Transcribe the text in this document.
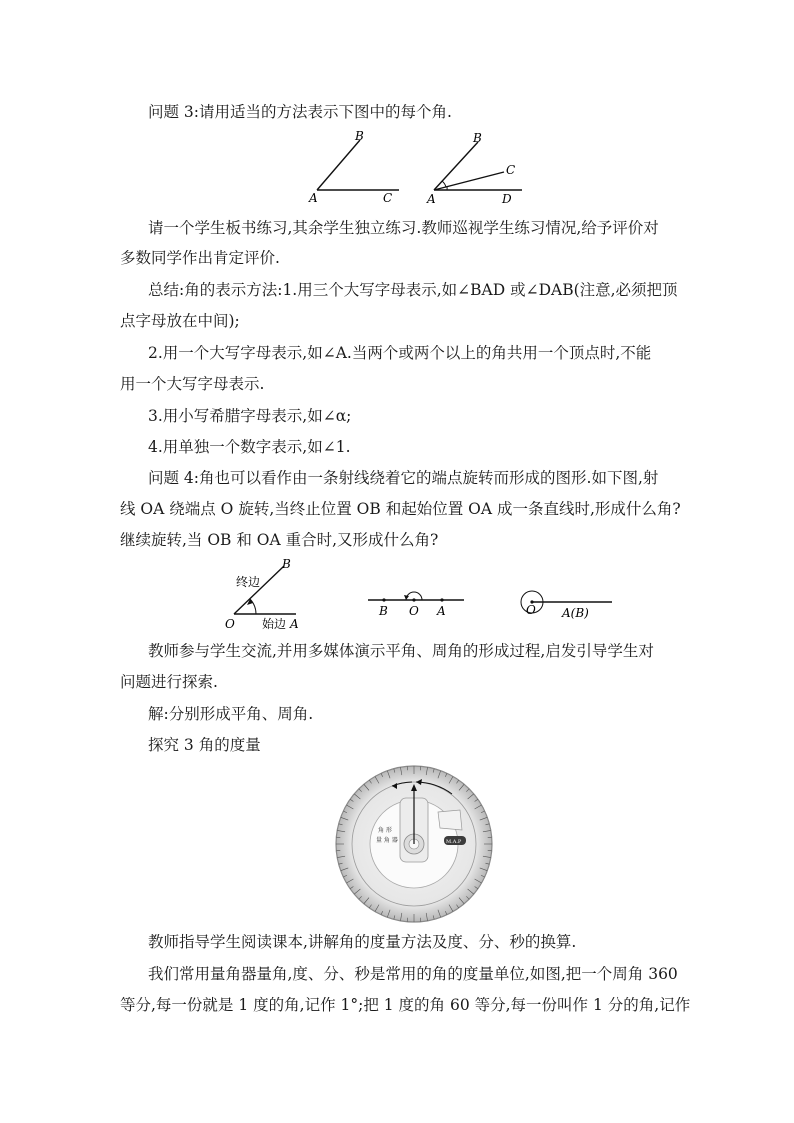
问题 3:请用适当的方法表示下图中的每个角.

A
B
C	A
B
C
D

请一个学生板书练习,其余学生独立练习.教师巡视学生练习情况,给予评价对

多数同学作出肯定评价.

总结:角的表示方法:1.用三个大写字母表示,如∠BAD 或∠DAB(注意,必须把顶

点字母放在中间);

2.用一个大写字母表示,如∠A.当两个或两个以上的角共用一个顶点时,不能

用一个大写字母表示.

3.用小写希腊字母表示,如∠α;

4.用单独一个数字表示,如∠1.

问题 4:角也可以看作由一条射线绕着它的端点旋转而形成的图形.如下图,射

线 OA 绕端点 O 旋转,当终止位置 OB 和起始位置 OA 成一条直线时,形成什么角?

继续旋转,当 OB 和 OA 重合时,又形成什么角?

终边
始边
O	A
B
B O A	O A(B)

教师参与学生交流,并用多媒体演示平角、周角的形成过程,启发引导学生对

问题进行探索.

解:分别形成平角、周角.

探究 3 角的度量

角 形
量 角 器	M.A.P

教师指导学生阅读课本,讲解角的度量方法及度、分、秒的换算.

我们常用量角器量角,度、分、秒是常用的角的度量单位,如图,把一个周角 360

等分,每一份就是 1 度的角,记作 1°;把 1 度的角 60 等分,每一份叫作 1 分的角,记作
